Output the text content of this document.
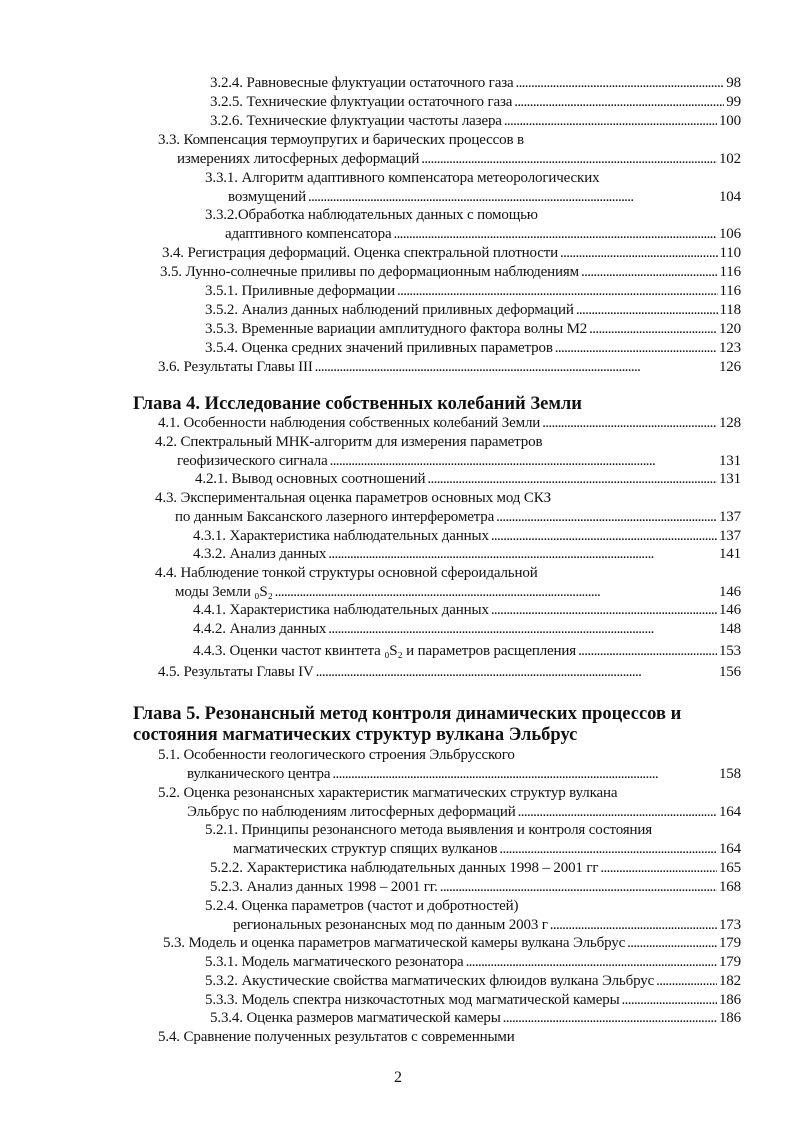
3.2.4. Равновесные флуктуации остаточного газа . . .	98
3.2.5. Технические флуктуации остаточного газа . . .	99
3.2.6. Технические флуктуации частоты лазера . . .	100
3.3. Компенсация термоупругих и барических процессов в
измерениях литосферных деформаций . . .	102
3.3.1. Алгоритм адаптивного компенсатора метеорологических
возмущений . . .	104
3.3.2.Обработка наблюдательных данных с помощью
адаптивного компенсатора . . .	106
3.4. Регистрация деформаций. Оценка спектральной плотности . . .	110
3.5. Лунно-солнечные приливы по деформационным наблюдениям . . .	116
3.5.1. Приливные деформации . . .	116
3.5.2. Анализ данных наблюдений приливных деформаций . . .	118
3.5.3. Временные вариации амплитудного фактора волны М2 . . .	120
3.5.4. Оценка средних значений приливных параметров . . .	123
3.6. Результаты Главы III . . .	126
4.1. Особенности наблюдения собственных колебаний Земли . . .	128
4.2. Спектральный МНК-алгоритм для измерения параметров
геофизического сигнала . . .	131
4.2.1. Вывод основных соотношений . . .	131
4.3. Экспериментальная оценка параметров основных мод СКЗ
по данным Баксанского лазерного интерферометра . . .	137
4.3.1. Характеристика наблюдательных данных . . .	137
4.3.2. Анализ данных . . .	141
4.4. Наблюдение тонкой структуры основной сфероидальной
моды Земли ₀S₂ . . .	146
4.4.1. Характеристика наблюдательных данных . . .	146
4.4.2. Анализ данных . . .	148
4.4.3. Оценки частот квинтета ₀S₂ и параметров расщепления . . .	153
4.5. Результаты Главы IV . . .	156
5.1. Особенности геологического строения Эльбрусского
вулканического центра . . .	158
5.2. Оценка резонансных характеристик магматических структур вулкана
Эльбрус по наблюдениям литосферных деформаций . . .	164
5.2.1. Принципы резонансного метода выявления и контроля состояния
магматических структур спящих вулканов . . .	164
5.2.2. Характеристика наблюдательных данных 1998 – 2001 гг . . .	165
5.2.3. Анализ данных 1998 – 2001 гг. . . .	168
5.2.4. Оценка параметров (частот и добротностей)
региональных резонансных мод по данным 2003 г . . .	173
5.3. Модель и оценка параметров магматической камеры вулкана Эльбрус . . .	179
5.3.1. Модель магматического резонатора . . .	179
5.3.2. Акустические свойства магматических флюидов вулкана Эльбрус . . .	182
5.3.3. Модель спектра низкочастотных мод магматической камеры . . .	186
5.3.4. Оценка размеров магматической камеры . . .	186
5.4. Сравнение полученных результатов с современными
Глава 4. Исследование собственных колебаний Земли
Глава 5. Резонансный метод контроля динамических процессов и
состояния магматических структур вулкана Эльбрус
2
